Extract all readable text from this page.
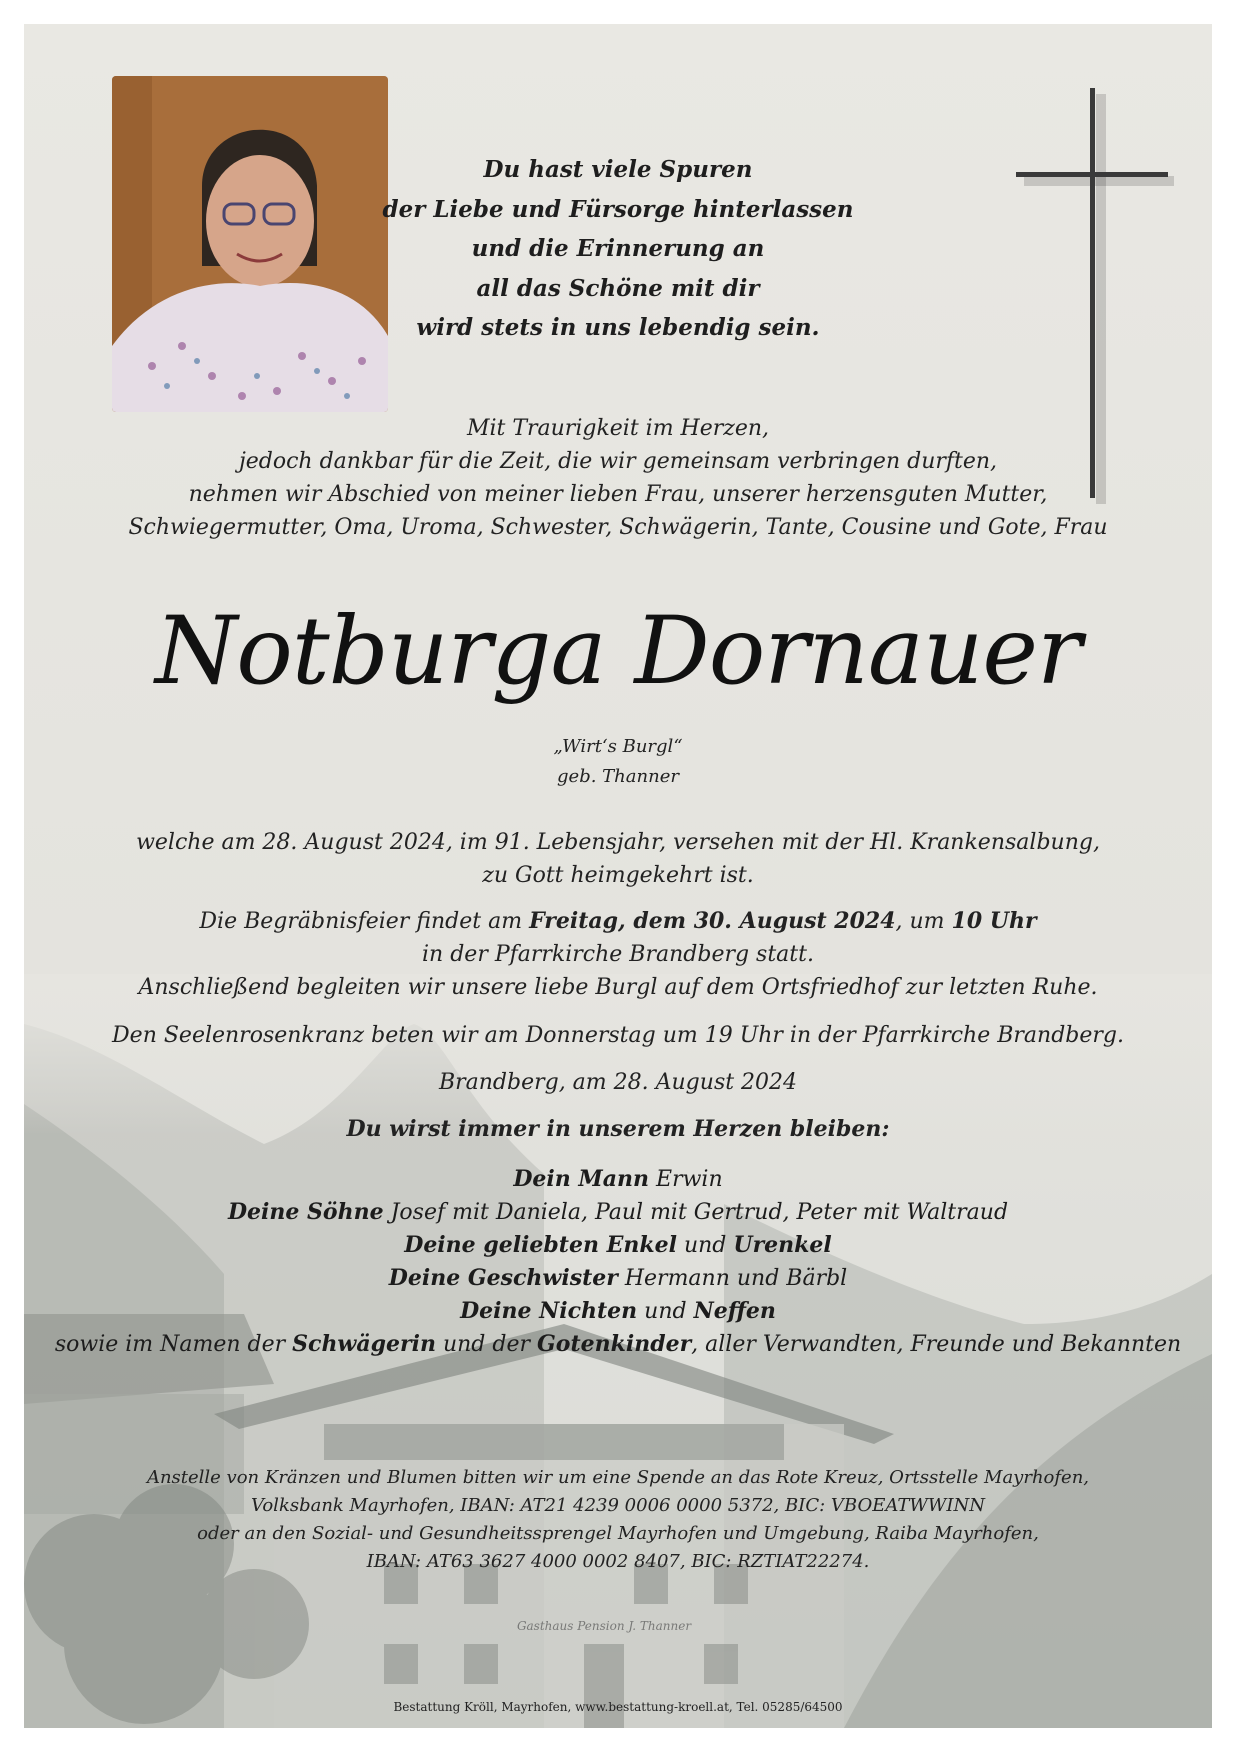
Gasthaus Pension J. Thanner
Du hast viele Spuren
der Liebe und Fürsorge hinterlassen
und die Erinnerung an
all das Schöne mit dir
wird stets in uns lebendig sein.
Mit Traurigkeit im Herzen,
jedoch dankbar für die Zeit, die wir gemeinsam verbringen durften,
nehmen wir Abschied von meiner lieben Frau, unserer herzensguten Mutter,
Schwiegermutter, Oma, Uroma, Schwester, Schwägerin, Tante, Cousine und Gote, Frau
Notburga Dornauer
„Wirt‘s Burgl“
geb. Thanner
welche am 28. August 2024, im 91. Lebensjahr, versehen mit der Hl. Krankensalbung,
zu Gott heimgekehrt ist.
Die Begräbnisfeier findet am Freitag, dem 30. August 2024, um 10 Uhr
in der Pfarrkirche Brandberg statt.
Anschließend begleiten wir unsere liebe Burgl auf dem Ortsfriedhof zur letzten Ruhe.
Den Seelenrosenkranz beten wir am Donnerstag um 19 Uhr in der Pfarrkirche Brandberg.
Brandberg, am 28. August 2024
Du wirst immer in unserem Herzen bleiben:
Dein Mann Erwin
Deine Söhne Josef mit Daniela, Paul mit Gertrud, Peter mit Waltraud
Deine geliebten Enkel und Urenkel
Deine Geschwister Hermann und Bärbl
Deine Nichten und Neffen
sowie im Namen der Schwägerin und der Gotenkinder, aller Verwandten, Freunde und Bekannten
Anstelle von Kränzen und Blumen bitten wir um eine Spende an das Rote Kreuz, Ortsstelle Mayrhofen,
Volksbank Mayrhofen, IBAN: AT21 4239 0006 0000 5372, BIC: VBOEATWWINN
oder an den Sozial- und Gesundheitssprengel Mayrhofen und Umgebung, Raiba Mayrhofen,
IBAN: AT63 3627 4000 0002 8407, BIC: RZTIAT22274.
Bestattung Kröll, Mayrhofen, www.bestattung-kroell.at, Tel. 05285/64500
